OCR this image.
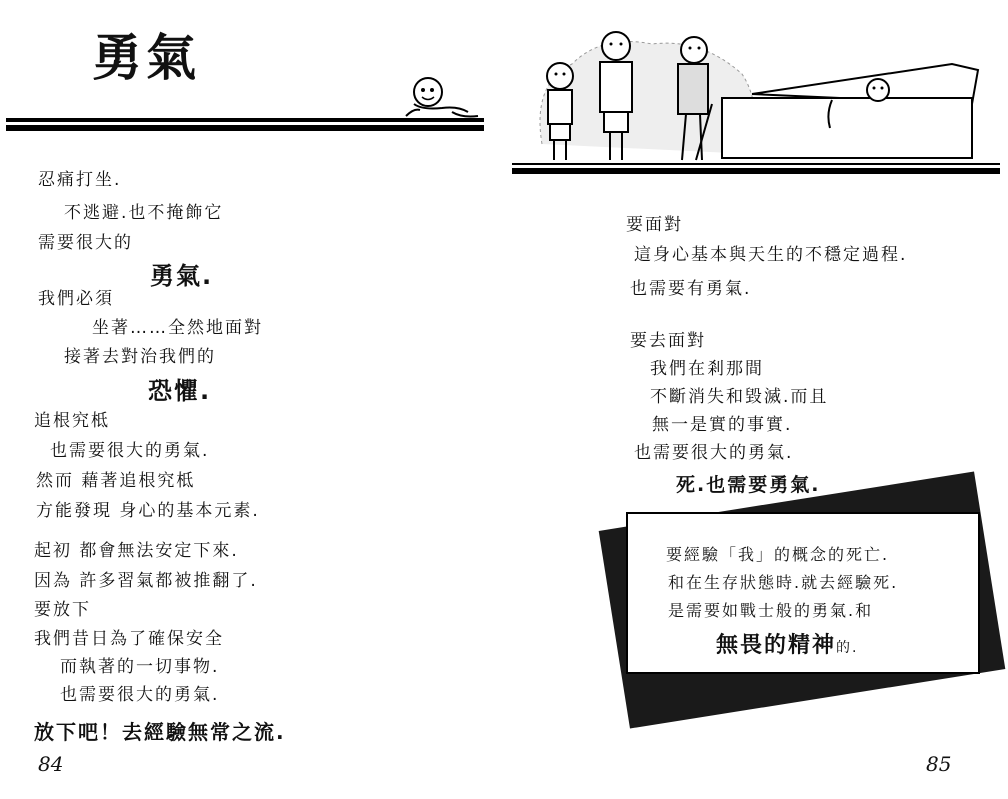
勇氣
忍痛打坐.
不逃避.也不掩飾它
需要很大的
勇氣.
我們必須
坐著……全然地面對
接著去對治我們的
恐懼.
追根究柢
也需要很大的勇氣.
然而 藉著追根究柢
方能發現 身心的基本元素.
起初 都會無法安定下來.
因為 許多習氣都被推翻了.
要放下
我們昔日為了確保安全
而執著的一切事物.
也需要很大的勇氣.
放下吧！去經驗無常之流.
84
要面對
這身心基本與天生的不穩定過程.
也需要有勇氣.
要去面對
我們在剎那間
不斷消失和毀滅.而且
無一是實的事實.
也需要很大的勇氣.
死.也需要勇氣.
85
要經驗「我」的概念的死亡.
和在生存狀態時.就去經驗死.
是需要如戰士般的勇氣.和
無畏的精神的.
